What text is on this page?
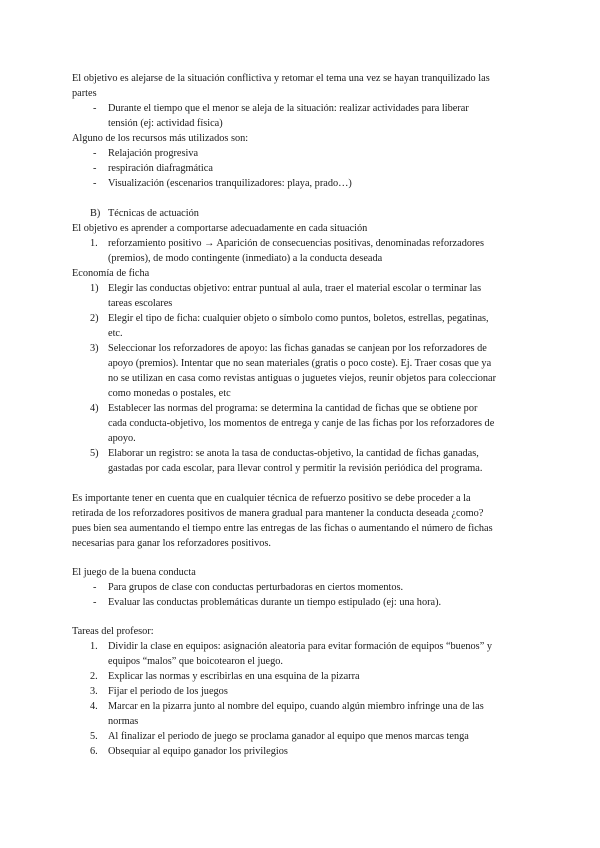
El objetivo es alejarse de la situación conflictiva y retomar el tema una vez se hayan tranquilizado las
partes
- Durante el tiempo que el menor se aleja de la situación: realizar actividades para liberar
tensión (ej: actividad física)
Alguno de los recursos más utilizados son:
- Relajación progresiva
- respiración diafragmática
- Visualización (escenarios tranquilizadores: playa, prado…)
B) Técnicas de actuación
El objetivo es aprender a comportarse adecuadamente en cada situación
1. reforzamiento positivo → Aparición de consecuencias positivas, denominadas reforzadores
(premios), de modo contingente (inmediato) a la conducta deseada
Economía de ficha
1) Elegir las conductas objetivo: entrar puntual al aula, traer el material escolar o terminar las
tareas escolares
2) Elegir el tipo de ficha: cualquier objeto o símbolo como puntos, boletos, estrellas, pegatinas,
etc.
3) Seleccionar los reforzadores de apoyo: las fichas ganadas se canjean por los reforzadores de
apoyo (premios). Intentar que no sean materiales (gratis o poco coste). Ej. Traer cosas que ya
no se utilizan en casa como revistas antiguas o juguetes viejos, reunir objetos para coleccionar
como monedas o postales, etc
4) Establecer las normas del programa: se determina la cantidad de fichas que se obtiene por
cada conducta-objetivo, los momentos de entrega y canje de las fichas por los reforzadores de
apoyo.
5) Elaborar un registro: se anota la tasa de conductas-objetivo, la cantidad de fichas ganadas,
gastadas por cada escolar, para llevar control y permitir la revisión periódica del programa.
Es importante tener en cuenta que en cualquier técnica de refuerzo positivo se debe proceder a la
retirada de los reforzadores positivos de manera gradual para mantener la conducta deseada ¿como?
pues bien sea aumentando el tiempo entre las entregas de las fichas o aumentando el número de fichas
necesarias para ganar los reforzadores positivos.
El juego de la buena conducta
- Para grupos de clase con conductas perturbadoras en ciertos momentos.
- Evaluar las conductas problemáticas durante un tiempo estipulado (ej: una hora).
Tareas del profesor:
1. Dividir la clase en equipos: asignación aleatoria para evitar formación de equipos “buenos” y
equipos “malos” que boicotearon el juego.
2. Explicar las normas y escribirlas en una esquina de la pizarra
3. Fijar el periodo de los juegos
4. Marcar en la pizarra junto al nombre del equipo, cuando algún miembro infringe una de las
normas
5. Al finalizar el periodo de juego se proclama ganador al equipo que menos marcas tenga
6. Obsequiar al equipo ganador los privilegios
